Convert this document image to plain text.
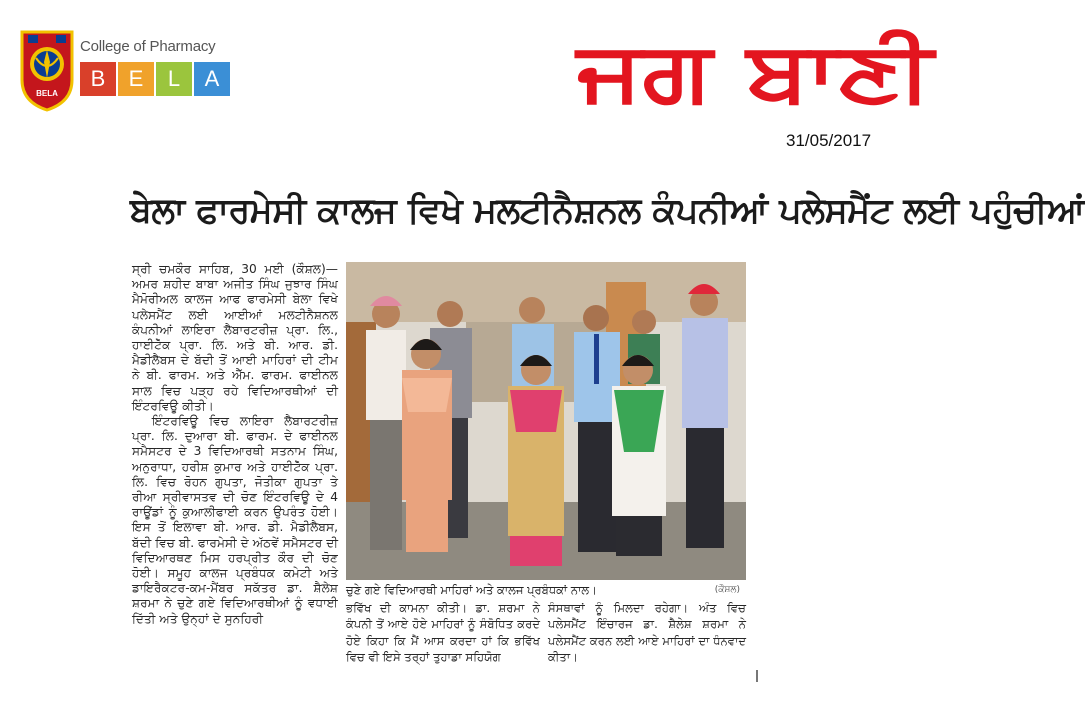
BELA
College of Pharmacy
B	E	L	A	ਜਗ ਬਾਣੀ
31/05/2017
ਬੇਲਾ ਫਾਰਮੇਸੀ ਕਾਲਜ ਵਿਖੇ ਮਲਟੀਨੈਸ਼ਨਲ ਕੰਪਨੀਆਂ ਪਲੇਸਮੈਂਟ ਲਈ ਪਹੁੰਚੀਆਂ

ਸ੍ਰੀ ਚਮਕੌਰ ਸਾਹਿਬ, 30 ਮਈ (ਕੌਸ਼ਲ)— ਅਮਰ ਸ਼ਹੀਦ ਬਾਬਾ ਅਜੀਤ ਸਿੰਘ ਜੁਝਾਰ ਸਿੰਘ ਮੈਮੋਰੀਅਲ ਕਾਲਜ ਆਫ ਫਾਰਮੇਸੀ ਬੇਲਾ ਵਿਖੇ ਪਲੇਸਮੈਂਟ ਲਈ ਆਈਆਂ ਮਲਟੀਨੈਸ਼ਨਲ ਕੰਪਨੀਆਂ ਲਾਇਰਾ ਲੈਬਾਰਟਰੀਜ਼ ਪ੍ਰਾ. ਲਿ., ਹਾਈਟੇੱਕ ਪ੍ਰਾ. ਲਿ. ਅਤੇ ਬੀ. ਆਰ. ਡੀ. ਮੈਡੀਲੈਬਸ ਦੇ ਬੱਦੀ ਤੋਂ ਆਈ ਮਾਹਿਰਾਂ ਦੀ ਟੀਮ ਨੇ ਬੀ. ਫਾਰਮ. ਅਤੇ ਐੱਮ. ਫਾਰਮ. ਫਾਈਨਲ ਸਾਲ ਵਿਚ ਪੜ੍ਹ ਰਹੇ ਵਿਦਿਆਰਥੀਆਂ ਦੀ ਇੰਟਰਵਿਊ ਕੀਤੀ।

ਇੰਟਰਵਿਊ ਵਿਚ ਲਾਇਰਾ ਲੈਬਾਰਟਰੀਜ਼ ਪ੍ਰਾ. ਲਿ. ਦੁਆਰਾ ਬੀ. ਫਾਰਮ. ਦੇ ਫਾਈਨਲ ਸਮੈਸਟਰ ਦੇ 3 ਵਿਦਿਆਰਥੀ ਸਤਨਾਮ ਸਿੰਘ, ਅਨੁਰਾਧਾ, ਹਰੀਸ਼ ਕੁਮਾਰ ਅਤੇ ਹਾਈਟੇੱਕ ਪ੍ਰਾ. ਲਿ. ਵਿਚ ਰੋਹਨ ਗੁਪਤਾ, ਜੋਤੀਕਾ ਗੁਪਤਾ ਤੇ ਰੀਆ ਸ੍ਰੀਵਾਸਤਵ ਦੀ ਚੋਣ ਇੰਟਰਵਿਊ ਦੇ 4 ਰਾਊਂਡਾਂ ਨੂੰ ਕੁਆਲੀਫਾਈ ਕਰਨ ਉਪਰੰਤ ਹੋਈ। ਇਸ ਤੋਂ ਇਲਾਵਾ ਬੀ. ਆਰ. ਡੀ. ਮੈਡੀਲੈਬਸ, ਬੱਦੀ ਵਿਚ ਬੀ. ਫਾਰਮੇਸੀ ਦੇ ਅੱਠਵੇਂ ਸਮੈਸਟਰ ਦੀ ਵਿਦਿਆਰਥਣ ਮਿਸ ਹਰਪ੍ਰੀਤ ਕੌਰ ਦੀ ਚੋਣ ਹੋਈ। ਸਮੂਹ ਕਾਲਜ ਪ੍ਰਬੰਧਕ ਕਮੇਟੀ ਅਤੇ ਡਾਇਰੈਕਟਰ-ਕਮ-ਮੈਂਬਰ ਸਕੱਤਰ ਡਾ. ਸ਼ੈਲੇਸ਼ ਸ਼ਰਮਾ ਨੇ ਚੁਣੇ ਗਏ ਵਿਦਿਆਰਥੀਆਂ ਨੂੰ ਵਧਾਈ ਦਿੱਤੀ ਅਤੇ ਉਨ੍ਹਾਂ ਦੇ ਸੁਨਹਿਰੀ

ਚੁਣੇ ਗਏ ਵਿਦਿਆਰਥੀ ਮਾਹਿਰਾਂ ਅਤੇ ਕਾਲਜ ਪ੍ਰਬੰਧਕਾਂ ਨਾਲ।	(ਕੌਸ਼ਲ)

ਭਵਿੱਖ ਦੀ ਕਾਮਨਾ ਕੀਤੀ। ਡਾ. ਸ਼ਰਮਾ ਨੇ ਕੰਪਨੀ ਤੋਂ ਆਏ ਹੋਏ ਮਾਹਿਰਾਂ ਨੂੰ ਸੰਬੋਧਿਤ ਕਰਦੇ ਹੋਏ ਕਿਹਾ ਕਿ ਮੈਂ ਆਸ ਕਰਦਾ ਹਾਂ ਕਿ ਭਵਿੱਖ ਵਿਚ ਵੀ ਇਸੇ ਤਰ੍ਹਾਂ ਤੁਹਾਡਾ ਸਹਿਯੋਗ

ਸੰਸਥਾਵਾਂ ਨੂੰ ਮਿਲਦਾ ਰਹੇਗਾ। ਅੰਤ ਵਿਚ ਪਲੇਸਮੈਂਟ ਇੰਚਾਰਜ ਡਾ. ਸ਼ੈਲੇਸ਼ ਸ਼ਰਮਾ ਨੇ ਪਲੇਸਮੈਂਟ ਕਰਨ ਲਈ ਆਏ ਮਾਹਿਰਾਂ ਦਾ ਧੰਨਵਾਦ ਕੀਤਾ।
